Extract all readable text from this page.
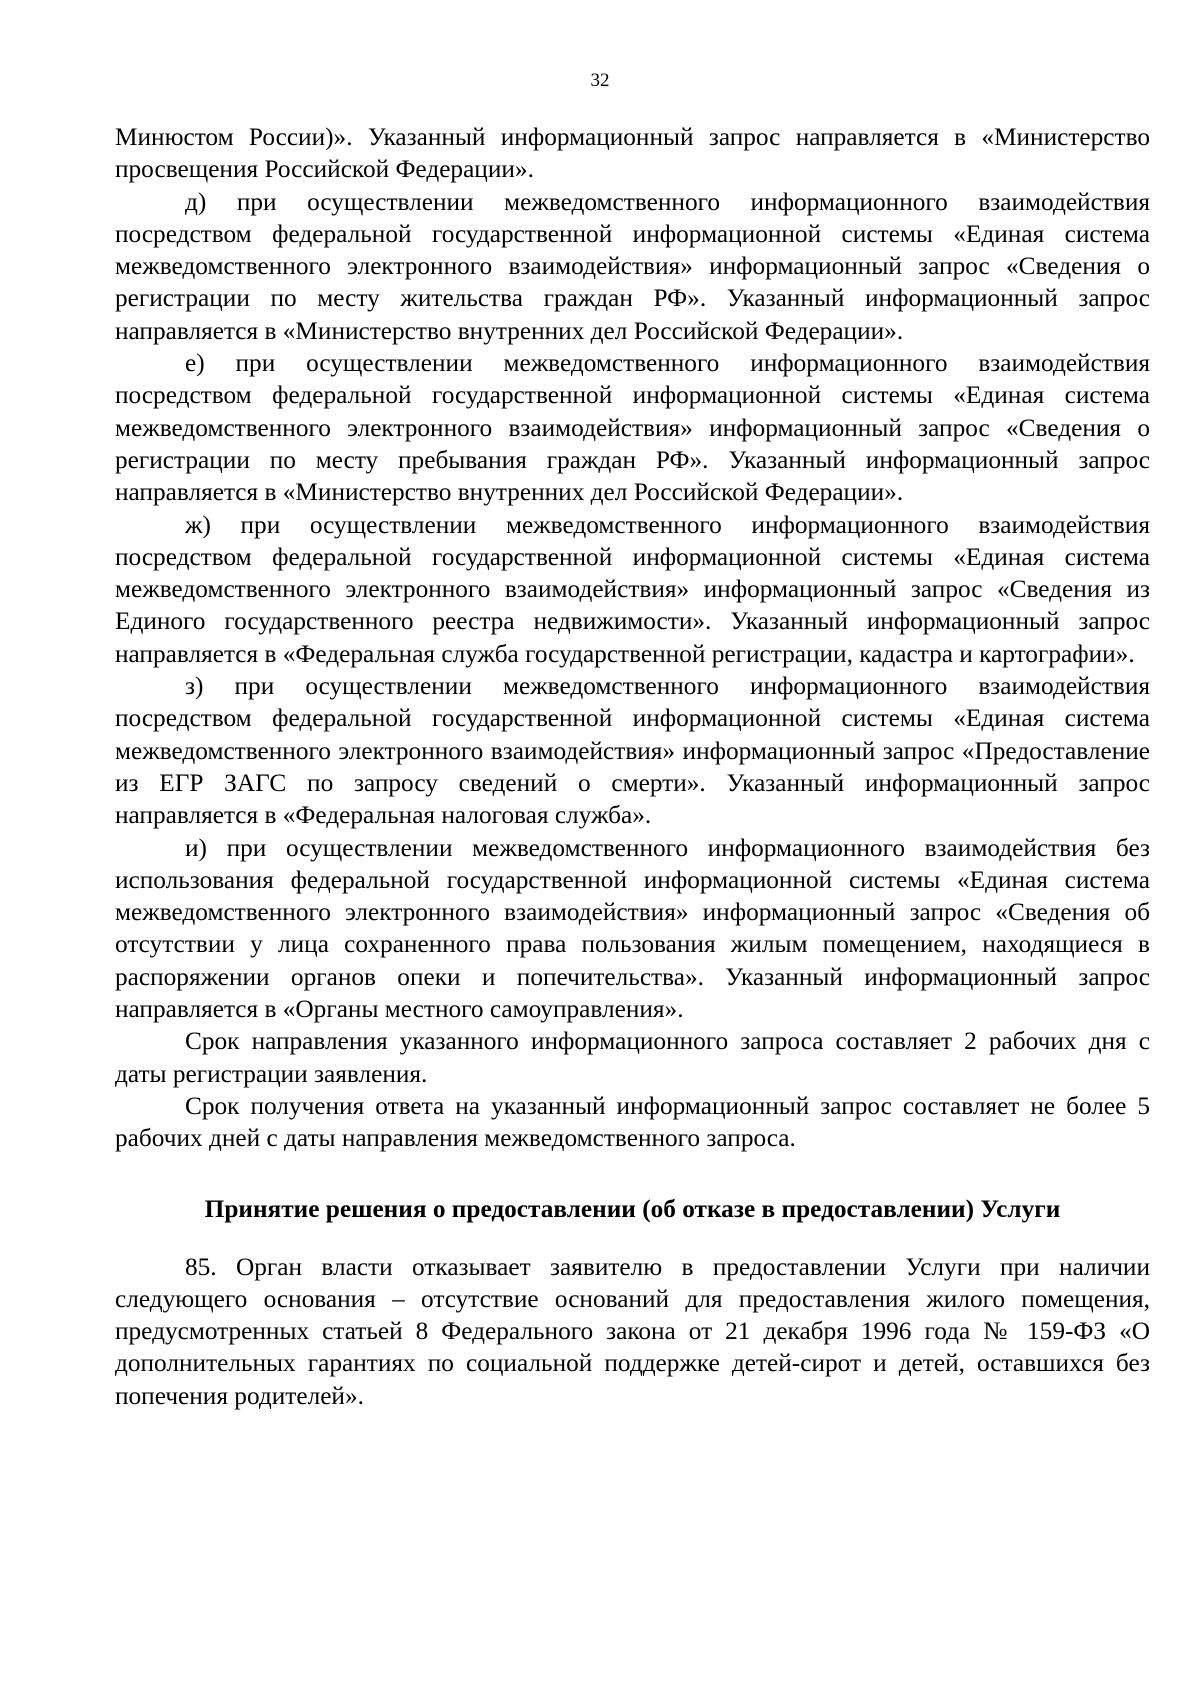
32

Минюстом России)». Указанный информационный запрос направляется в «Министерство просвещения Российской Федерации».

д) при осуществлении межведомственного информационного взаимодействия посредством федеральной государственной информационной системы «Единая система межведомственного электронного взаимодействия» информационный запрос «Сведения о регистрации по месту жительства граждан РФ». Указанный информационный запрос направляется в «Министерство внутренних дел Российской Федерации».

е) при осуществлении межведомственного информационного взаимодействия посредством федеральной государственной информационной системы «Единая система межведомственного электронного взаимодействия» информационный запрос «Сведения о регистрации по месту пребывания граждан РФ». Указанный информационный запрос направляется в «Министерство внутренних дел Российской Федерации».

ж) при осуществлении межведомственного информационного взаимодействия посредством федеральной государственной информационной системы «Единая система межведомственного электронного взаимодействия» информационный запрос «Сведения из Единого государственного реестра недвижимости». Указанный информационный запрос направляется в «Федеральная служба государственной регистрации, кадастра и картографии».

з) при осуществлении межведомственного информационного взаимодействия посредством федеральной государственной информационной системы «Единая система межведомственного электронного взаимодействия» информационный запрос «Предоставление из ЕГР ЗАГС по запросу сведений о смерти». Указанный информационный запрос направляется в «Федеральная налоговая служба».

и) при осуществлении межведомственного информационного взаимодействия без использования федеральной государственной информационной системы «Единая система межведомственного электронного взаимодействия» информационный запрос «Сведения об отсутствии у лица сохраненного права пользования жилым помещением, находящиеся в распоряжении органов опеки и попечительства». Указанный информационный запрос направляется в «Органы местного самоуправления».

Срок направления указанного информационного запроса составляет 2 рабочих дня с даты регистрации заявления.

Срок получения ответа на указанный информационный запрос составляет не более 5 рабочих дней с даты направления межведомственного запроса.

Принятие решения о предоставлении (об отказе в предоставлении) Услуги

85. Орган власти отказывает заявителю в предоставлении Услуги при наличии следующего основания – отсутствие оснований для предоставления жилого помещения, предусмотренных статьей 8 Федерального закона от 21 декабря 1996 года № 159-ФЗ «О дополнительных гарантиях по социальной поддержке детей-сирот и детей, оставшихся без попечения родителей».
